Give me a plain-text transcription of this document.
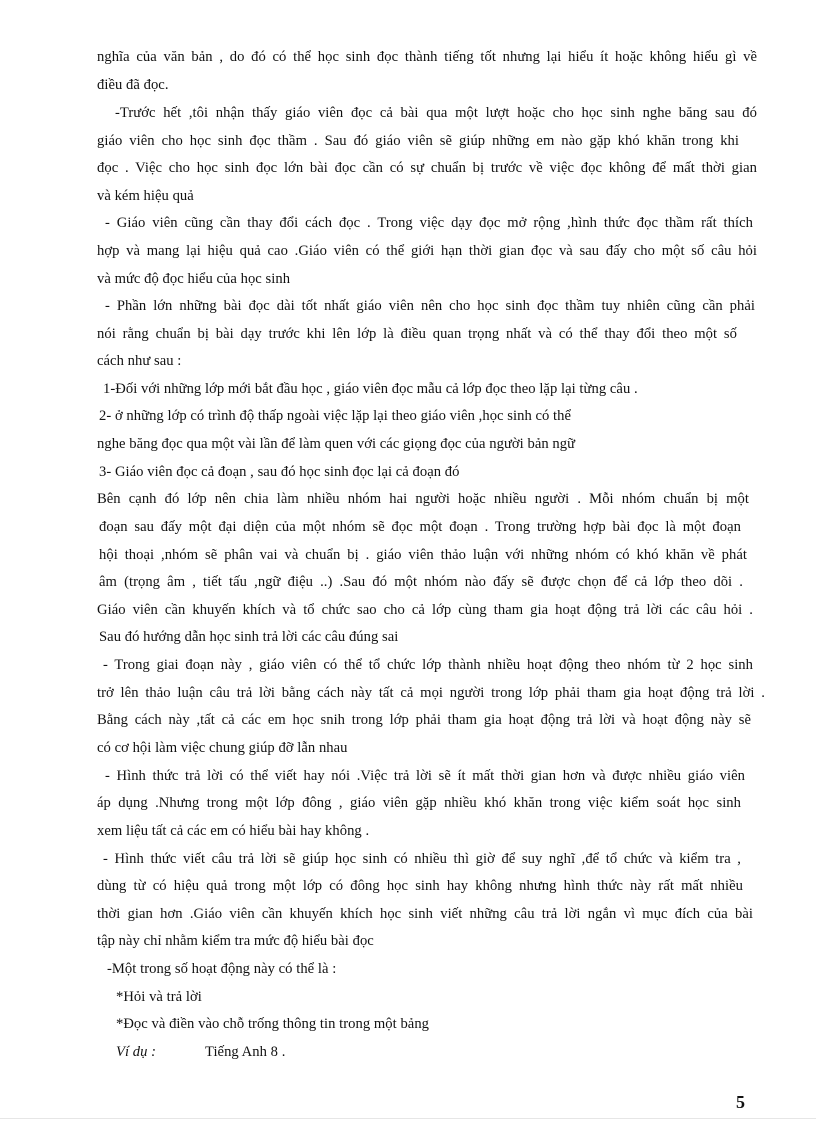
nghĩa của văn bản , do đó có thể học sinh đọc thành tiếng tốt nhưng lại hiểu ít hoặc không hiểu gì về
điều đã đọc.
-Trước hết ,tôi nhận thấy giáo viên đọc cả bài qua một lượt hoặc cho học sinh nghe băng sau đó
giáo viên cho học sinh đọc thầm . Sau đó giáo viên sẽ giúp những em nào gặp khó khăn trong khi
đọc . Việc cho học sinh đọc lớn bài đọc cần có sự chuẩn bị trước về việc đọc không để mất thời gian
và kém hiệu quả
- Giáo viên cũng cần thay đổi cách đọc . Trong việc dạy đọc mở rộng ,hình thức đọc thầm rất thích
hợp và mang lại hiệu quả cao .Giáo viên có thể giới hạn thời gian đọc và sau đấy cho một số câu hỏi
và mức độ đọc hiểu của học sinh
- Phần lớn những bài đọc dài tốt nhất giáo viên nên cho học sinh đọc thầm tuy nhiên cũng cần phải
nói rằng chuẩn bị bài dạy trước khi lên lớp là điều quan trọng nhất và có thể thay đổi theo một số
cách như sau :
1-Đối với những lớp mới bắt đầu học , giáo viên đọc mẫu cả lớp đọc theo lặp lại từng câu .
2- ở những lớp có trình độ thấp ngoài việc lặp lại theo giáo viên ,học sinh có thể
nghe băng đọc qua một vài lần để làm quen với các giọng đọc của người bản ngữ
3- Giáo viên đọc cả đoạn , sau đó học sinh đọc lại cả đoạn đó
Bên cạnh đó lớp nên chia làm nhiều nhóm hai người hoặc nhiều người . Mỗi nhóm chuẩn bị một
đoạn sau đấy một đại diện của một nhóm sẽ đọc một đoạn . Trong trường hợp bài đọc là một đoạn
hội thoại ,nhóm sẽ phân vai và chuẩn bị . giáo viên thảo luận với những nhóm có khó khăn về phát
âm (trọng âm , tiết tấu ,ngữ điệu ..) .Sau đó một nhóm nào đấy sẽ được chọn để cả lớp theo dõi .
Giáo viên cần khuyến khích và tổ chức sao cho cả lớp cùng tham gia hoạt động trả lời các câu hỏi .
Sau đó hướng dẫn học sinh trả lời các câu đúng sai
- Trong giai đoạn này , giáo viên có thể tổ chức lớp thành nhiều hoạt động theo nhóm từ 2 học sinh
trở lên thảo luận câu trả lời bằng cách này tất cả mọi người trong lớp phải tham gia hoạt động trả lời .
Bằng cách này ,tất cả các em học snih trong lớp phải tham gia hoạt động trả lời và hoạt động này sẽ
có cơ hội làm việc chung giúp đỡ lẫn nhau
- Hình thức trả lời có thể viết hay nói .Việc trả lời sẽ ít mất thời gian hơn và được nhiều giáo viên
áp dụng .Nhưng trong một lớp đông , giáo viên gặp nhiều khó khăn trong việc kiểm soát học sinh
xem liệu tất cả các em có hiểu bài hay không .
- Hình thức viết câu trả lời sẽ giúp học sinh có nhiều thì giờ để suy nghĩ ,để tổ chức và kiểm tra ,
dùng từ có hiệu quả trong một lớp có đông học sinh hay không nhưng hình thức này rất mất nhiều
thời gian hơn .Giáo viên cần khuyến khích học sinh viết những câu trả lời ngắn vì mục đích của bài
tập này chỉ nhằm kiểm tra mức độ hiểu bài đọc
-Một trong số hoạt động này có thể là :
*Hỏi và trả lời
*Đọc và điền vào chỗ trống thông tin trong một bảng
Ví dụ :	Tiếng Anh 8 .
5
